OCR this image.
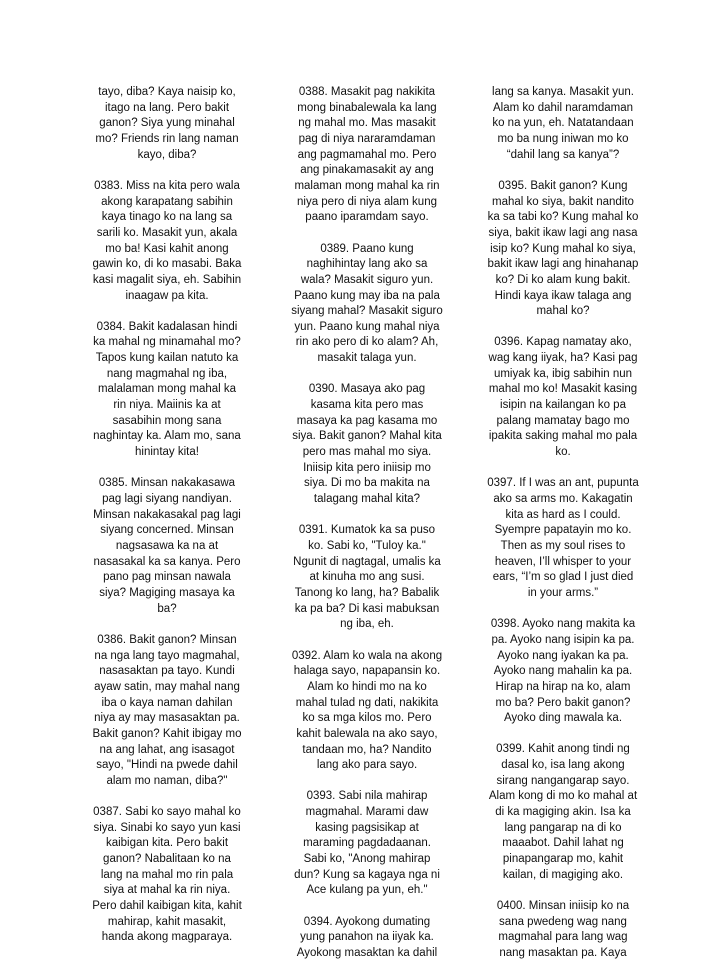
tayo, diba? Kaya naisip ko,
itago na lang. Pero bakit
ganon? Siya yung minahal
mo? Friends rin lang naman
kayo, diba?

0383. Miss na kita pero wala
akong karapatang sabihin
kaya tinago ko na lang sa
sarili ko. Masakit yun, akala
mo ba! Kasi kahit anong
gawin ko, di ko masabi. Baka
kasi magalit siya, eh. Sabihin
inaagaw pa kita.

0384. Bakit kadalasan hindi
ka mahal ng minamahal mo?
Tapos kung kailan natuto ka
nang magmahal ng iba,
malalaman mong mahal ka
rin niya. Maiinis ka at
sasabihin mong sana
naghintay ka. Alam mo, sana
hinintay kita!

0385. Minsan nakakasawa
pag lagi siyang nandiyan.
Minsan nakakasakal pag lagi
siyang concerned. Minsan
nagsasawa ka na at
nasasakal ka sa kanya. Pero
pano pag minsan nawala
siya? Magiging masaya ka
ba?

0386. Bakit ganon? Minsan
na nga lang tayo magmahal,
nasasaktan pa tayo. Kundi
ayaw satin, may mahal nang
iba o kaya naman dahilan
niya ay may masasaktan pa.
Bakit ganon? Kahit ibigay mo
na ang lahat, ang isasagot
sayo, "Hindi na pwede dahil
alam mo naman, diba?"

0387. Sabi ko sayo mahal ko
siya. Sinabi ko sayo yun kasi
kaibigan kita. Pero bakit
ganon? Nabalitaan ko na
lang na mahal mo rin pala
siya at mahal ka rin niya.
Pero dahil kaibigan kita, kahit
mahirap, kahit masakit,
handa akong magparaya.

0388. Masakit pag nakikita
mong binabalewala ka lang
ng mahal mo. Mas masakit
pag di niya nararamdaman
ang pagmamahal mo. Pero
ang pinakamasakit ay ang
malaman mong mahal ka rin
niya pero di niya alam kung
paano iparamdam sayo.

0389. Paano kung
naghihintay lang ako sa
wala? Masakit siguro yun.
Paano kung may iba na pala
siyang mahal? Masakit siguro
yun. Paano kung mahal niya
rin ako pero di ko alam? Ah,
masakit talaga yun.

0390. Masaya ako pag
kasama kita pero mas
masaya ka pag kasama mo
siya. Bakit ganon? Mahal kita
pero mas mahal mo siya.
Iniisip kita pero iniisip mo
siya. Di mo ba makita na
talagang mahal kita?

0391. Kumatok ka sa puso
ko. Sabi ko, "Tuloy ka."
Ngunit di nagtagal, umalis ka
at kinuha mo ang susi.
Tanong ko lang, ha? Babalik
ka pa ba? Di kasi mabuksan
ng iba, eh.

0392. Alam ko wala na akong
halaga sayo, napapansin ko.
Alam ko hindi mo na ko
mahal tulad ng dati, nakikita
ko sa mga kilos mo. Pero
kahit balewala na ako sayo,
tandaan mo, ha? Nandito
lang ako para sayo.

0393. Sabi nila mahirap
magmahal. Marami daw
kasing pagsisikap at
maraming pagdadaanan.
Sabi ko, "Anong mahirap
dun? Kung sa kagaya nga ni
Ace kulang pa yun, eh."

0394. Ayokong dumating
yung panahon na iiyak ka.
Ayokong masaktan ka dahil

lang sa kanya. Masakit yun.
Alam ko dahil naramdaman
ko na yun, eh. Natatandaan
mo ba nung iniwan mo ko
“dahil lang sa kanya”?

0395. Bakit ganon? Kung
mahal ko siya, bakit nandito
ka sa tabi ko? Kung mahal ko
siya, bakit ikaw lagi ang nasa
isip ko? Kung mahal ko siya,
bakit ikaw lagi ang hinahanap
ko? Di ko alam kung bakit.
Hindi kaya ikaw talaga ang
mahal ko?

0396. Kapag namatay ako,
wag kang iiyak, ha? Kasi pag
umiyak ka, ibig sabihin nun
mahal mo ko! Masakit kasing
isipin na kailangan ko pa
palang mamatay bago mo
ipakita saking mahal mo pala
ko.

0397. If I was an ant, pupunta
ako sa arms mo. Kakagatin
kita as hard as I could.
Syempre papatayin mo ko.
Then as my soul rises to
heaven, I’ll whisper to your
ears, “I’m so glad I just died
in your arms.”

0398. Ayoko nang makita ka
pa. Ayoko nang isipin ka pa.
Ayoko nang iyakan ka pa.
Ayoko nang mahalin ka pa.
Hirap na hirap na ko, alam
mo ba? Pero bakit ganon?
Ayoko ding mawala ka.

0399. Kahit anong tindi ng
dasal ko, isa lang akong
sirang nangangarap sayo.
Alam kong di mo ko mahal at
di ka magiging akin. Isa ka
lang pangarap na di ko
maaabot. Dahil lahat ng
pinapangarap mo, kahit
kailan, di magiging ako.

0400. Minsan iniisip ko na
sana pwedeng wag nang
magmahal para lang wag
nang masaktan pa. Kaya
